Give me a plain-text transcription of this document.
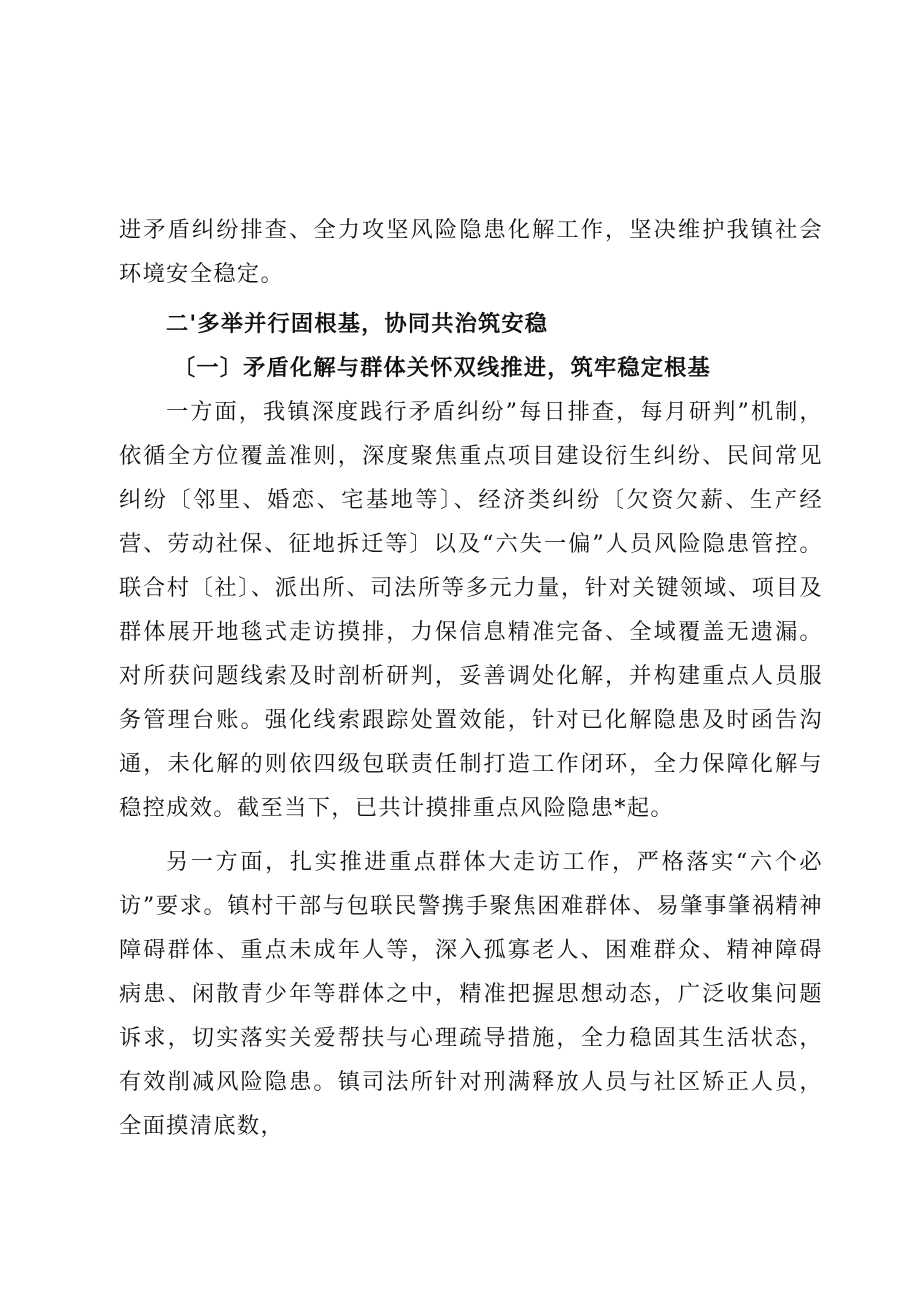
进矛盾纠纷排查、全力攻坚风险隐患化解工作，坚决维护我镇社会环境安全稳定。

二'多举并行固根基，协同共治筑安稳
〔一〕矛盾化解与群体关怀双线推进，筑牢稳定根基

一方面，我镇深度践行矛盾纠纷”每日排查，每月研判”机制，依循全方位覆盖准则，深度聚焦重点项目建设衍生纠纷、民间常见纠纷〔邻里、婚恋、宅基地等〕、经济类纠纷〔欠资欠薪、生产经营、劳动社保、征地拆迁等〕以及“六失一偏”人员风险隐患管控。联合村〔社〕、派出所、司法所等多元力量，针对关键领域、项目及群体展开地毯式走访摸排，力保信息精准完备、全域覆盖无遗漏。对所获问题线索及时剖析研判，妥善调处化解，并构建重点人员服务管理台账。强化线索跟踪处置效能，针对已化解隐患及时函告沟通，未化解的则依四级包联责任制打造工作闭环，全力保障化解与稳控成效。截至当下，已共计摸排重点风险隐患*起。

另一方面，扎实推进重点群体大走访工作，严格落实“六个必访”要求。镇村干部与包联民警携手聚焦困难群体、易肇事肇祸精神障碍群体、重点未成年人等，深入孤寡老人、困难群众、精神障碍病患、闲散青少年等群体之中，精准把握思想动态，广泛收集问题诉求，切实落实关爱帮扶与心理疏导措施，全力稳固其生活状态，有效削减风险隐患。镇司法所针对刑满释放人员与社区矫正人员，全面摸清底数，
